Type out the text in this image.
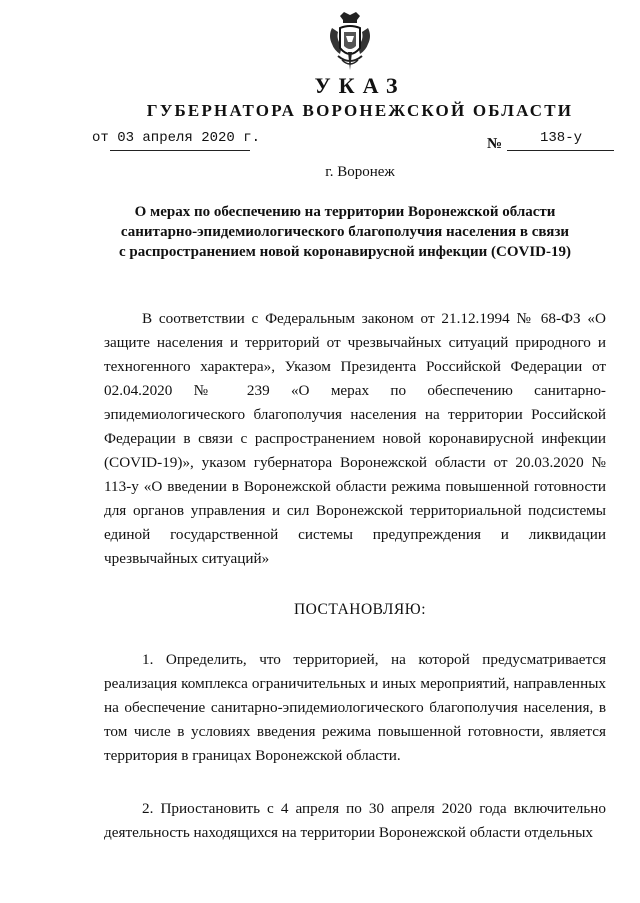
УКАЗ
ГУБЕРНАТОРА ВОРОНЕЖСКОЙ ОБЛАСТИ
от 03 апреля 2020 г.	№	138-у
г. Воронеж
О мерах по обеспечению на территории Воронежской области
санитарно-эпидемиологического благополучия населения в связи
с распространением новой коронавирусной инфекции (COVID-19)

В соответствии с Федеральным законом от 21.12.1994 № 68-ФЗ «О защите населения и территорий от чрезвычайных ситуаций природного и техногенного характера», Указом Президента Российской Федерации от 02.04.2020 № 239 «О мерах по обеспечению санитарно-эпидемиологического благополучия населения на территории Российской Федерации в связи с распространением новой коронавирусной инфекции (COVID-19)», указом губернатора Воронежской области от 20.03.2020 № 113-у «О введении в Воронежской области режима повышенной готовности для органов управления и сил Воронежской территориальной подсистемы единой государственной системы предупреждения и ликвидации чрезвычайных ситуаций»

ПОСТАНОВЛЯЮ:

1. Определить, что территорией, на которой предусматривается реализация комплекса ограничительных и иных мероприятий, направленных на обеспечение санитарно-эпидемиологического благополучия населения, в том числе в условиях введения режима повышенной готовности, является территория в границах Воронежской области.

2. Приостановить с 4 апреля по 30 апреля 2020 года включительно деятельность находящихся на территории Воронежской области отдельных
